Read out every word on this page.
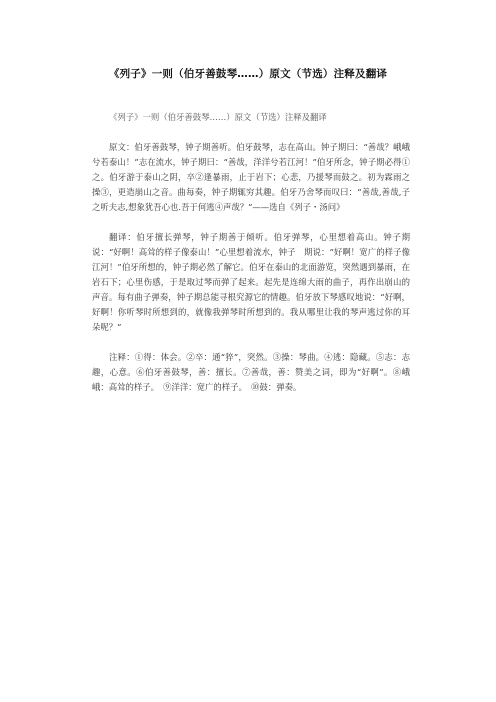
《列子》一则（伯牙善鼓琴……）原文（节选）注释及翻译

《列子》一则（伯牙善鼓琴……）原文（节选）注释及翻译

原文：伯牙善鼓琴，钟子期善听。伯牙鼓琴，志在高山。钟子期曰：“善哉？峨峨兮若泰山！”志在流水，钟子期曰：“善哉，洋洋兮若江河！”伯牙所念，钟子期必得①之。伯牙游于泰山之阴，卒②逢暴雨，止于岩下；心悲，乃援琴而鼓之。初为霖雨之操③，更造崩山之音。曲每奏，钟子期辄穷其趣。伯牙乃舍琴而叹曰：“善哉,善哉,子之听夫志,想象犹吾心也.吾于何逃④声哉？”——选自《列子・汤问》

翻译：伯牙擅长弹琴，钟子期善于倾听。伯牙弹琴，心里想着高山。钟子期说：“好啊！高耸的样子像泰山！”心里想着流水，钟子　期说：“好啊！宽广的样子像江河！”伯牙所想的，钟子期必然了解它。伯牙在泰山的北面游览，突然遇到暴雨，在岩石下；心里伤感，于是取过琴而弹了起来。起先是连绵大雨的曲子，再作出崩山的声音。每有曲子弹奏，钟子期总能寻根究源它的情趣。伯牙放下琴感叹地说：“好啊，好啊！你听琴时所想到的，就像我弹琴时所想到的。我从哪里让我的琴声逃过你的耳朵呢？”

注释：①得：体会。②卒：通“猝”，突然。③操：琴曲。④逃：隐藏。⑤志：志趣，心意。⑥伯牙善鼓琴，善：擅长。⑦善哉，善：赞美之词，即为“好啊”。⑧峨峨：高耸的样子。　⑨洋洋：宽广的样子。　⑩鼓：弹奏。
